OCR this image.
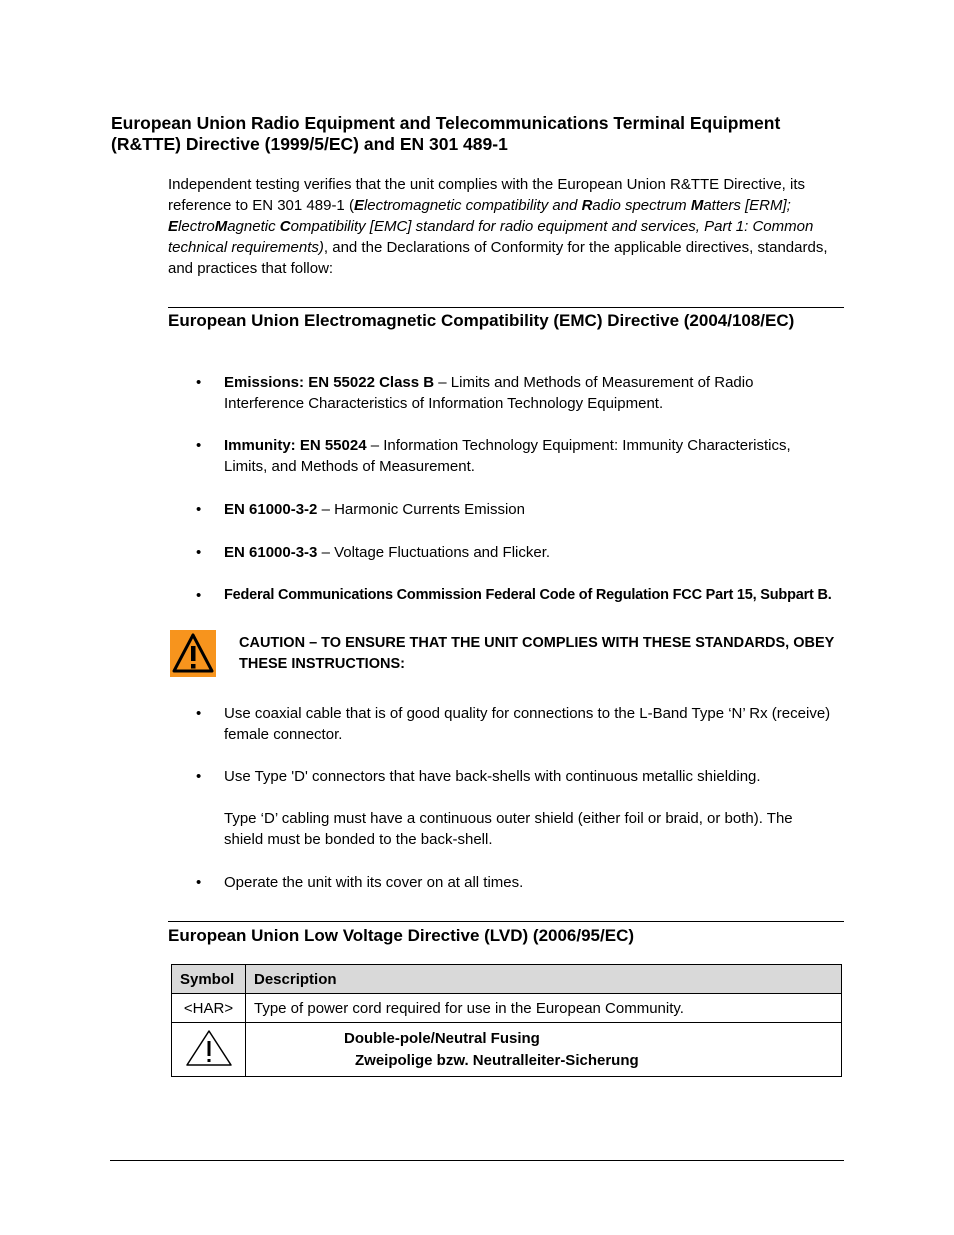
European Union Radio Equipment and Telecommunications Terminal Equipment (R&TTE) Directive (1999/5/EC) and EN 301 489-1
Independent testing verifies that the unit complies with the European Union R&TTE Directive, its reference to EN 301 489-1 (Electromagnetic compatibility and Radio spectrum Matters [ERM]; ElectroMagnetic Compatibility [EMC] standard for radio equipment and services, Part 1: Common technical requirements), and the Declarations of Conformity for the applicable directives, standards, and practices that follow:
European Union Electromagnetic Compatibility (EMC) Directive (2004/108/EC)
•	Emissions: EN 55022 Class B – Limits and Methods of Measurement of Radio Interference Characteristics of Information Technology Equipment.
•	Immunity: EN 55024 – Information Technology Equipment: Immunity Characteristics, Limits, and Methods of Measurement.
•	EN 61000-3-2 – Harmonic Currents Emission
•	EN 61000-3-3 – Voltage Fluctuations and Flicker.
•	Federal Communications Commission Federal Code of Regulation FCC Part 15, Subpart B.
CAUTION – TO ENSURE THAT THE UNIT COMPLIES WITH THESE STANDARDS, OBEY THESE INSTRUCTIONS:
•	Use coaxial cable that is of good quality for connections to the L-Band Type ‘N’ Rx (receive) female connector.
•	Use Type 'D' connectors that have back-shells with continuous metallic shielding.
Type ‘D’ cabling must have a continuous outer shield (either foil or braid, or both). The shield must be bonded to the back-shell.
•	Operate the unit with its cover on at all times.
European Union Low Voltage Directive (LVD) (2006/95/EC)
Symbol	Description
<HAR>	Type of power cord required for use in the European Community.

Double-pole/Neutral Fusing
Zweipolige bzw. Neutralleiter-Sicherung
